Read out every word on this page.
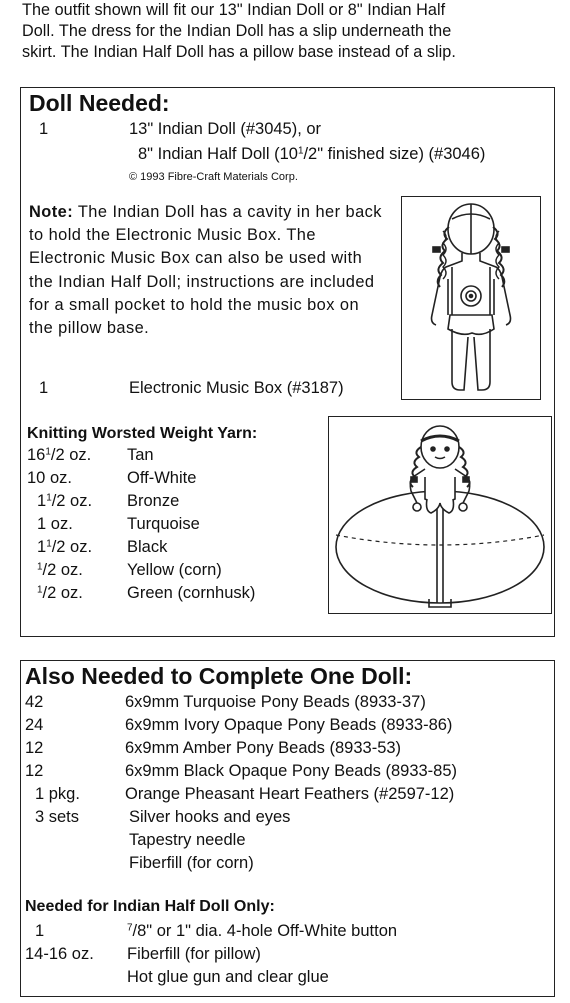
The outfit shown will fit our 13" Indian Doll or 8" Indian Half
Doll. The dress for the Indian Doll has a slip underneath the
skirt. The Indian Half Doll has a pillow base instead of a slip.
Doll Needed:
1	13" Indian Doll (#3045), or
8" Indian Half Doll ($10^1/2$" finished size) (#3046)
© 1993 Fibre-Craft Materials Corp.
Note: The Indian Doll has a cavity in her back to hold the Electronic Music Box. The Electronic Music Box can also be used with the Indian Half Doll; instructions are included for a small pocket to hold the music box on the pillow base.
1	Electronic Music Box (#3187)
Knitting Worsted Weight Yarn:
$16^1/2$ oz. Tan
10 oz.	Off-White
$1^1/2$ oz. Bronze
1 oz.	Turquoise
$1^1/2$ oz. Black
$^1$/2 oz.	Yellow (corn)
$^1$/2 oz.	Green (cornhusk)
Also Needed to Complete One Doll:
42	6x9mm Turquoise Pony Beads (8933-37)
24	6x9mm Ivory Opaque Pony Beads (8933-86)
12	6x9mm Amber Pony Beads (8933-53)
12	6x9mm Black Opaque Pony Beads (8933-85)
1 pkg.	Orange Pheasant Heart Feathers (#2597-12)
3 sets	Silver hooks and eyes
Tapestry needle
Fiberfill (for corn)
Needed for Indian Half Doll Only:
1	$^7$/8" or 1" dia. 4-hole Off-White button
14-16 oz. Fiberfill (for pillow)
Hot glue gun and clear glue
